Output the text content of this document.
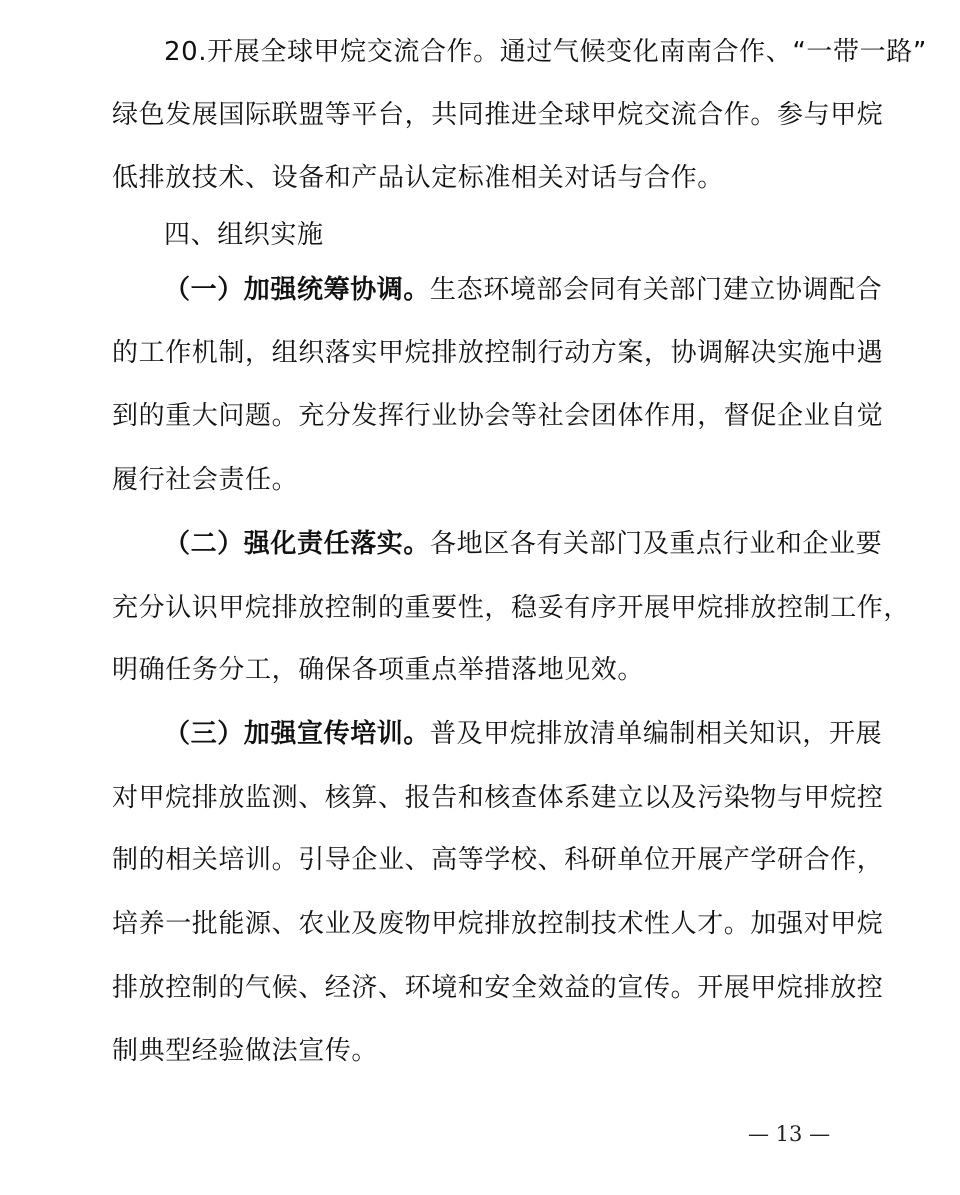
20.开展全球甲烷交流合作。通过气候变化南南合作、“一带一路”
绿色发展国际联盟等平台，共同推进全球甲烷交流合作。参与甲烷
低排放技术、设备和产品认定标准相关对话与合作。
四、组织实施
（一）加强统筹协调。生态环境部会同有关部门建立协调配合
的工作机制，组织落实甲烷排放控制行动方案，协调解决实施中遇
到的重大问题。充分发挥行业协会等社会团体作用，督促企业自觉
履行社会责任。
（二）强化责任落实。各地区各有关部门及重点行业和企业要
充分认识甲烷排放控制的重要性，稳妥有序开展甲烷排放控制工作，
明确任务分工，确保各项重点举措落地见效。
（三）加强宣传培训。普及甲烷排放清单编制相关知识，开展
对甲烷排放监测、核算、报告和核查体系建立以及污染物与甲烷控
制的相关培训。引导企业、高等学校、科研单位开展产学研合作，
培养一批能源、农业及废物甲烷排放控制技术性人才。加强对甲烷
排放控制的气候、经济、环境和安全效益的宣传。开展甲烷排放控
制典型经验做法宣传。
— 13 —
